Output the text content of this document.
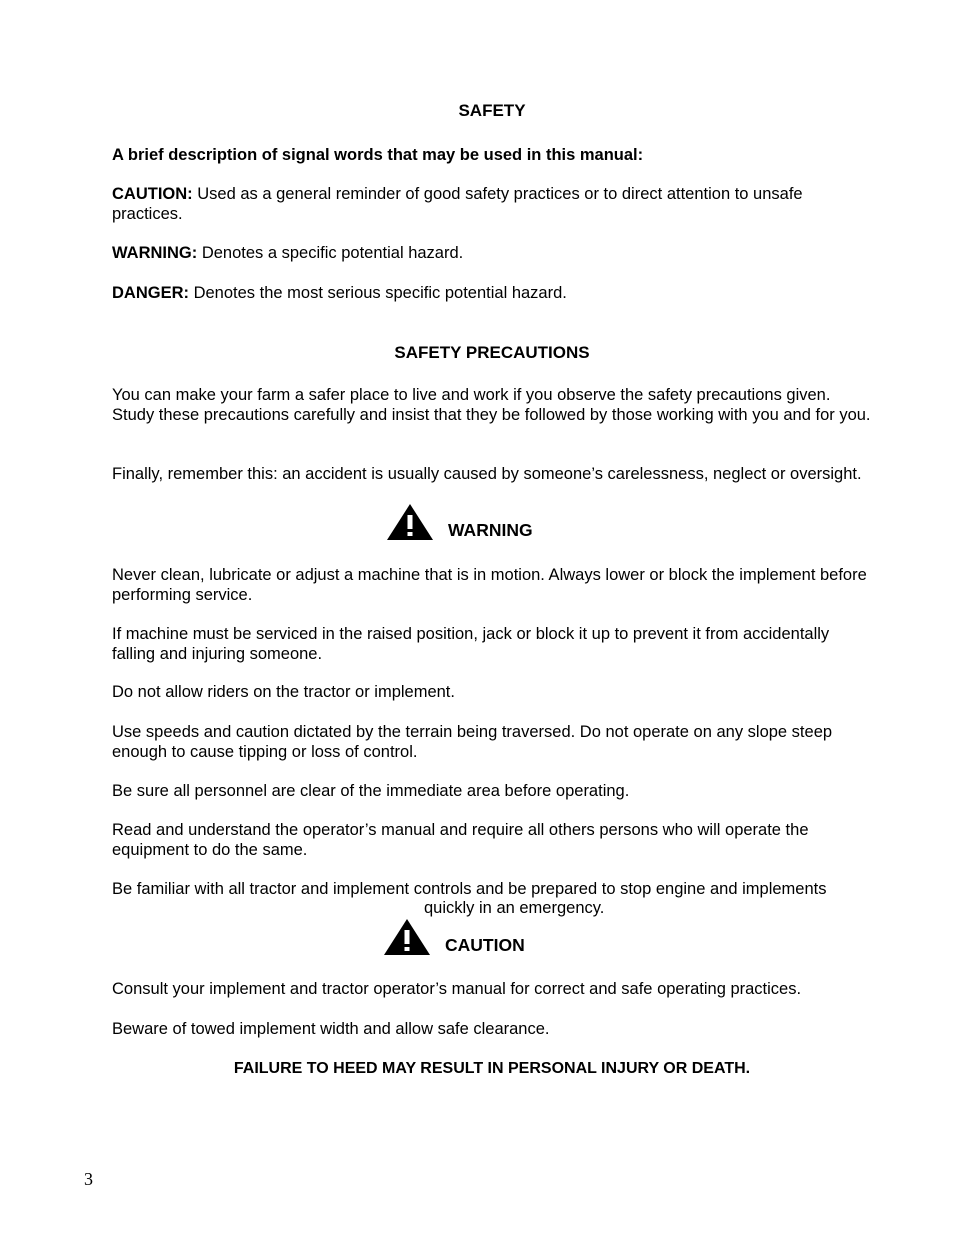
SAFETY

A brief description of signal words that may be used in this manual:

CAUTION: Used as a general reminder of good safety practices or to direct attention to unsafe practices.

WARNING: Denotes a specific potential hazard.

DANGER: Denotes the most serious specific potential hazard.

SAFETY PRECAUTIONS

You can make your farm a safer place to live and work if you observe the safety precautions given. Study these precautions carefully and insist that they be followed by those working with you and for you.

Finally, remember this: an accident is usually caused by someone’s carelessness, neglect or oversight.

WARNING

Never clean, lubricate or adjust a machine that is in motion. Always lower or block the implement before performing service.

If machine must be serviced in the raised position, jack or block it up to prevent it from accidentally falling and injuring someone.

Do not allow riders on the tractor or implement.

Use speeds and caution dictated by the terrain being traversed. Do not operate on any slope steep enough to cause tipping or loss of control.

Be sure all personnel are clear of the immediate area before operating.

Read and understand the operator’s manual and require all others persons who will operate the equipment to do the same.

Be familiar with all tractor and implement controls and be prepared to stop engine and implements

quickly in an emergency.

CAUTION

Consult your implement and tractor operator’s manual for correct and safe operating practices.

Beware of towed implement width and allow safe clearance.

FAILURE TO HEED MAY RESULT IN PERSONAL INJURY OR DEATH.

3
